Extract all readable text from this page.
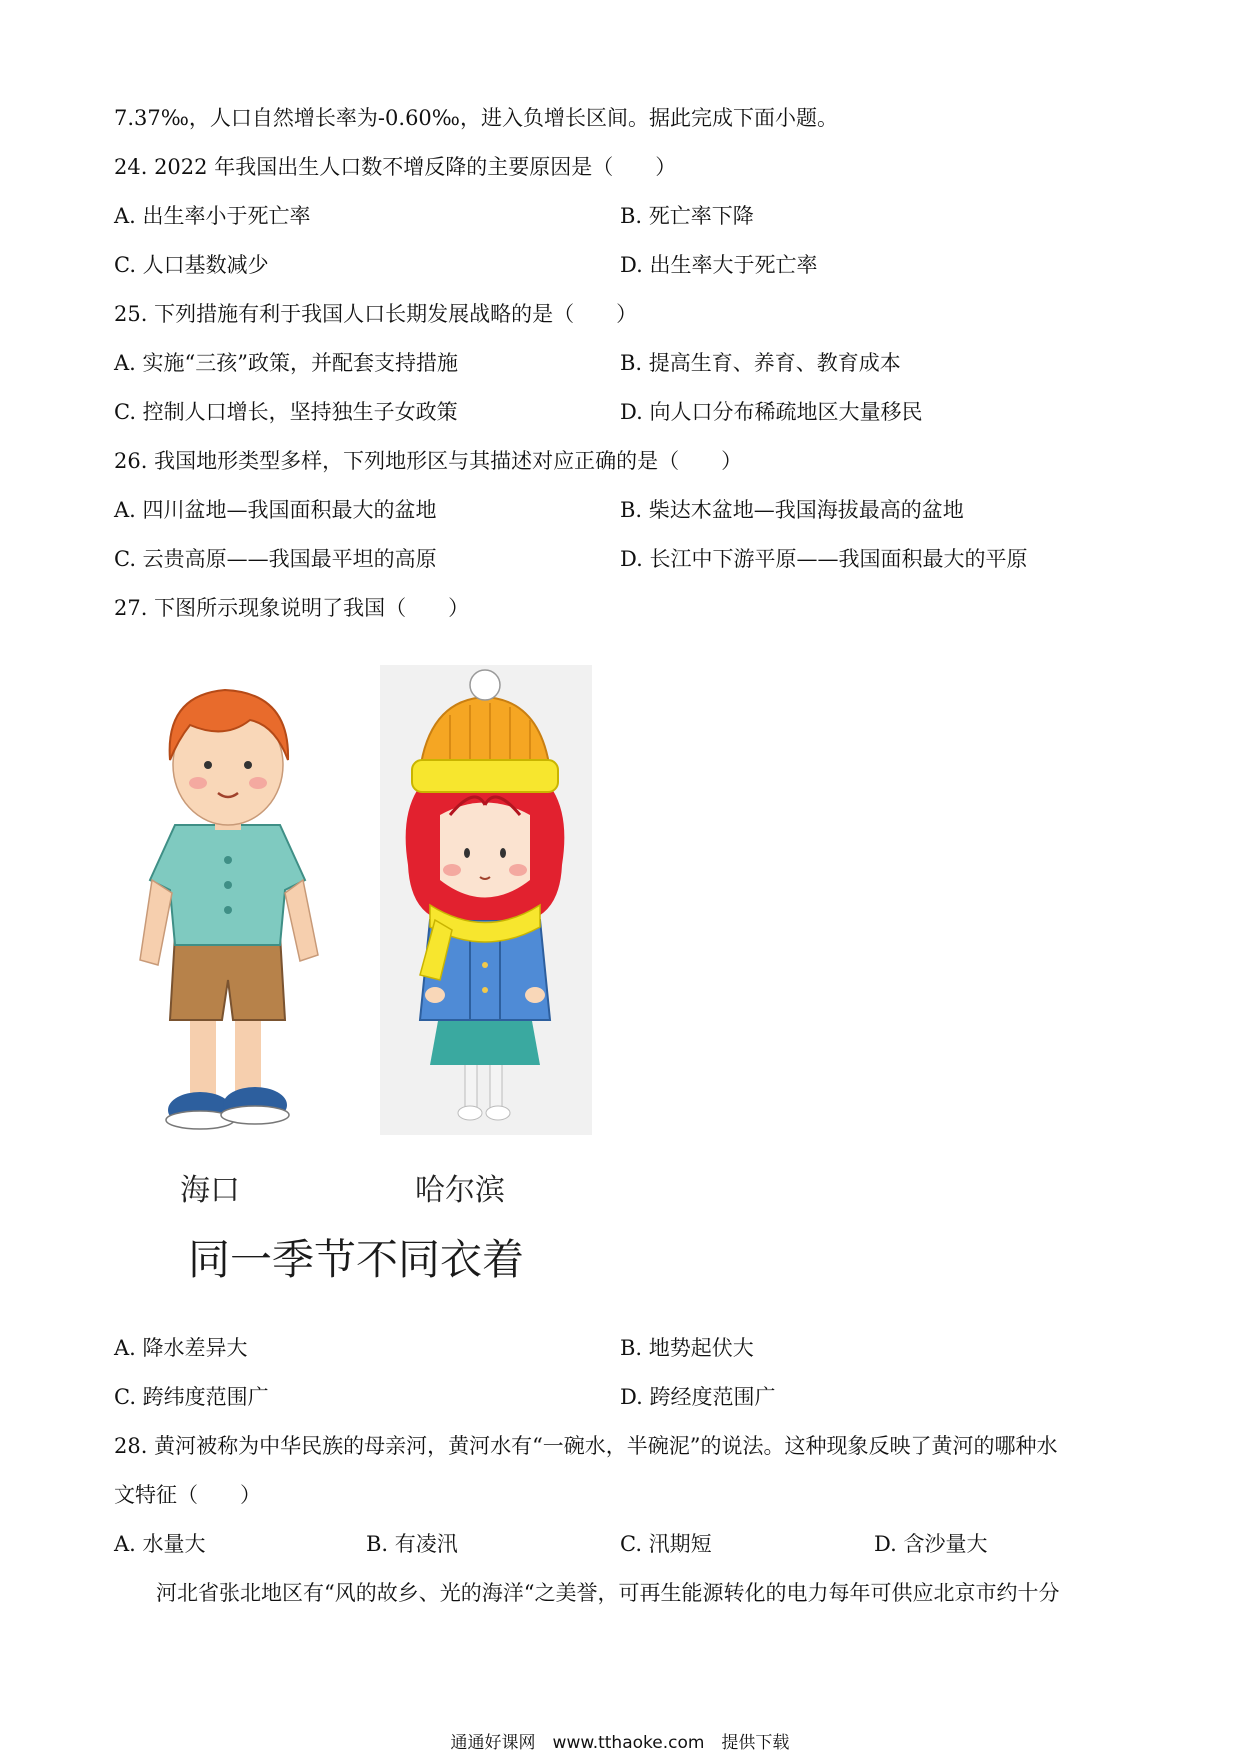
7.37‰，人口自然增长率为-0.60‰，进入负增长区间。据此完成下面小题。
24. 2022 年我国出生人口数不增反降的主要原因是（　　）
A. 出生率小于死亡率	B. 死亡率下降
C. 人口基数减少	D. 出生率大于死亡率
25. 下列措施有利于我国人口长期发展战略的是（　　）
A. 实施“三孩”政策，并配套支持措施	B. 提高生育、养育、教育成本
C. 控制人口增长，坚持独生子女政策	D. 向人口分布稀疏地区大量移民
26. 我国地形类型多样，下列地形区与其描述对应正确的是（　　）
A. 四川盆地—我国面积最大的盆地	B. 柴达木盆地—我国海拔最高的盆地
C. 云贵高原——我国最平坦的高原	D. 长江中下游平原——我国面积最大的平原
27. 下图所示现象说明了我国（　　）
海口	哈尔滨
同一季节不同衣着
A. 降水差异大	B. 地势起伏大
C. 跨纬度范围广	D. 跨经度范围广
28. 黄河被称为中华民族的母亲河，黄河水有“一碗水，半碗泥”的说法。这种现象反映了黄河的哪种水
文特征（　　）
A. 水量大	B. 有凌汛	C. 汛期短	D. 含沙量大
河北省张北地区有“风的故乡、光的海洋“之美誉，可再生能源转化的电力每年可供应北京市约十分
通通好课网　www.tthaoke.com　提供下载
